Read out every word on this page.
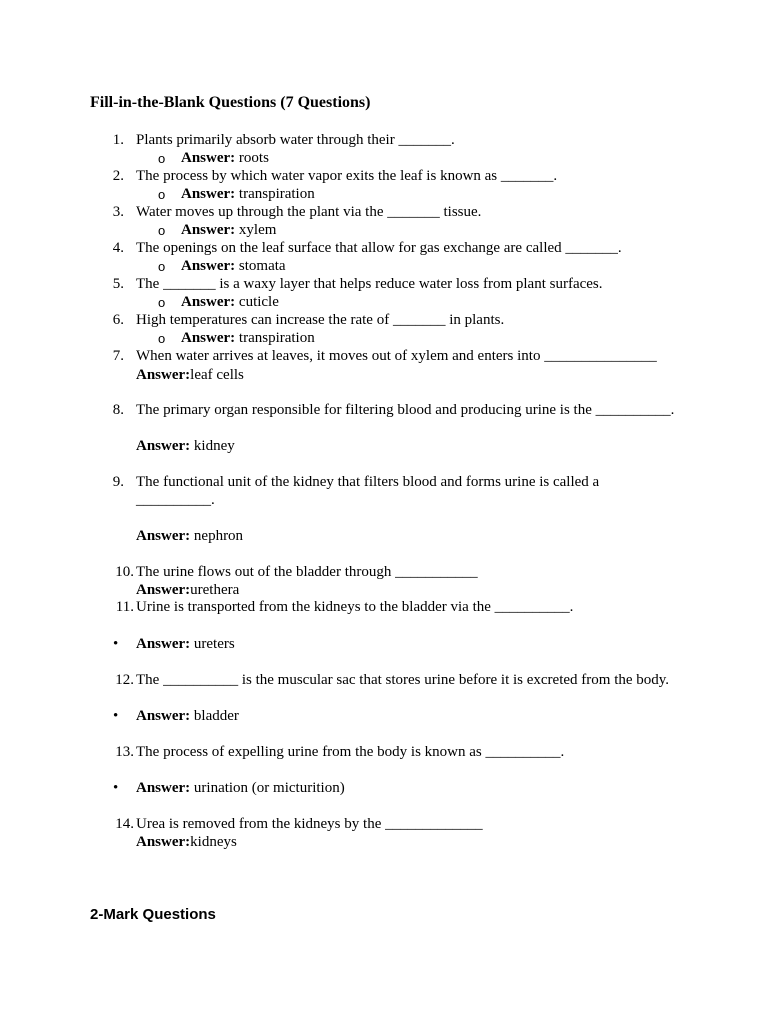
Fill-in-the-Blank Questions (7 Questions)
1. Plants primarily absorb water through their _______.
o Answer: roots
2. The process by which water vapor exits the leaf is known as _______.
o Answer: transpiration
3. Water moves up through the plant via the _______ tissue.
o Answer: xylem
4. The openings on the leaf surface that allow for gas exchange are called _______.
o Answer: stomata
5. The _______ is a waxy layer that helps reduce water loss from plant surfaces.
o Answer: cuticle
6. High temperatures can increase the rate of _______ in plants.
o Answer: transpiration
7. When water arrives at leaves, it moves out of xylem and enters into _______________
Answer:leaf cells
8. The primary organ responsible for filtering blood and producing urine is the __________.
Answer: kidney
9. The functional unit of the kidney that filters blood and forms urine is called a
__________.
Answer: nephron
10. The urine flows out of the bladder through ___________
Answer:urethera
11. Urine is transported from the kidneys to the bladder via the __________.
• Answer: ureters
12. The __________ is the muscular sac that stores urine before it is excreted from the body.
• Answer: bladder
13. The process of expelling urine from the body is known as __________.
• Answer: urination (or micturition)
14. Urea is removed from the kidneys by the _____________
Answer:kidneys
2-Mark Questions
